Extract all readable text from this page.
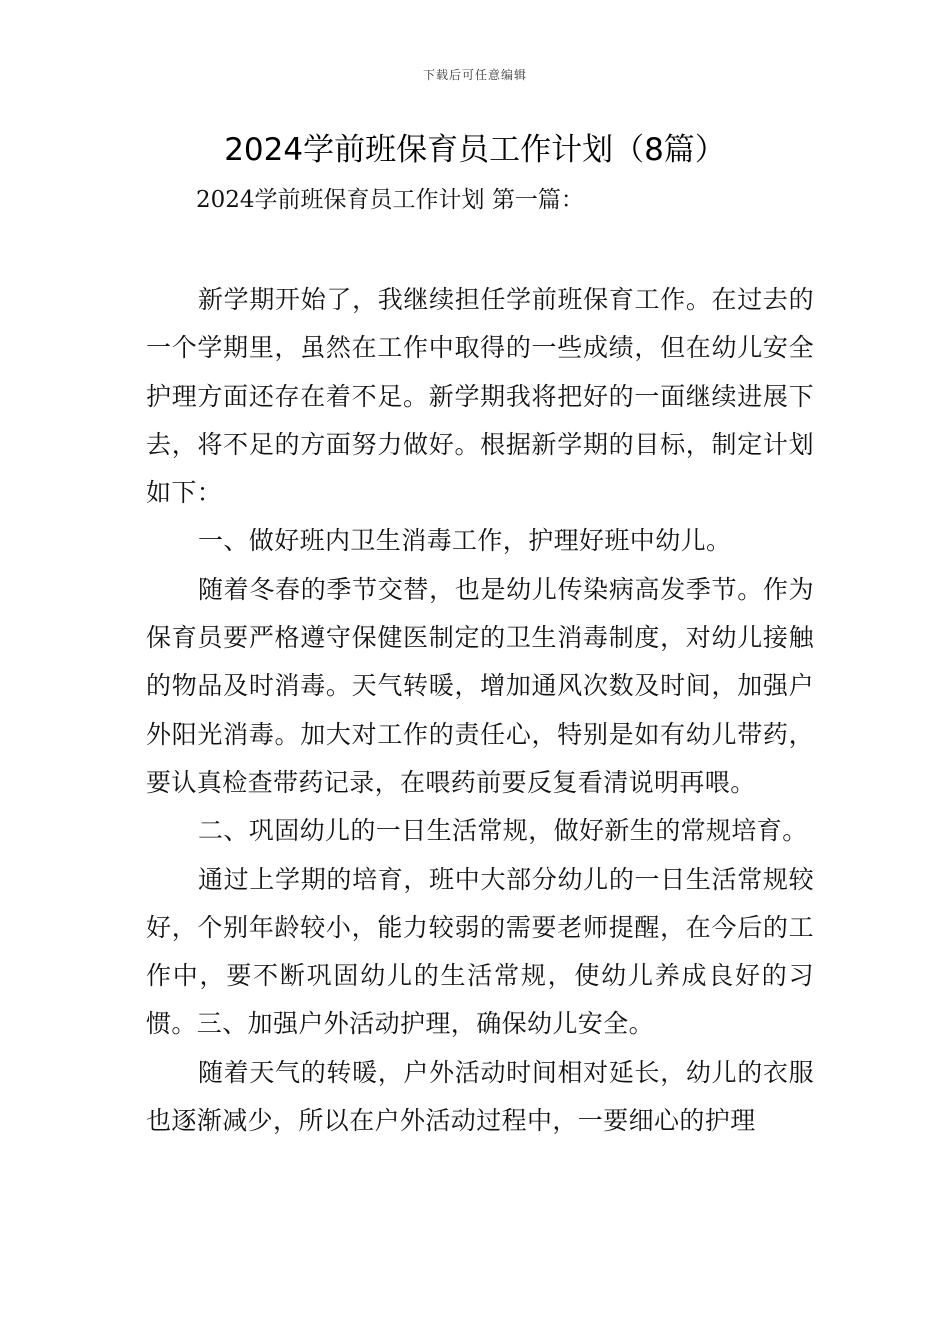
下载后可任意编辑
2024学前班保育员工作计划（8篇）

2024学前班保育员工作计划 第一篇：

新学期开始了，我继续担任学前班保育工作。在过去的一个学期里，虽然在工作中取得的一些成绩，但在幼儿安全护理方面还存在着不足。新学期我将把好的一面继续进展下去，将不足的方面努力做好。根据新学期的目标，制定计划如下：

一、做好班内卫生消毒工作，护理好班中幼儿。

随着冬春的季节交替，也是幼儿传染病高发季节。作为保育员要严格遵守保健医制定的卫生消毒制度，对幼儿接触的物品及时消毒。天气转暖，增加通风次数及时间，加强户外阳光消毒。加大对工作的责任心，特别是如有幼儿带药，要认真检查带药记录，在喂药前要反复看清说明再喂。

二、巩固幼儿的一日生活常规，做好新生的常规培育。

通过上学期的培育，班中大部分幼儿的一日生活常规较好，个别年龄较小，能力较弱的需要老师提醒，在今后的工作中，要不断巩固幼儿的生活常规，使幼儿养成良好的习惯。三、加强户外活动护理，确保幼儿安全。

随着天气的转暖，户外活动时间相对延长，幼儿的衣服也逐渐减少，所以在户外活动过程中，一要细心的护理
